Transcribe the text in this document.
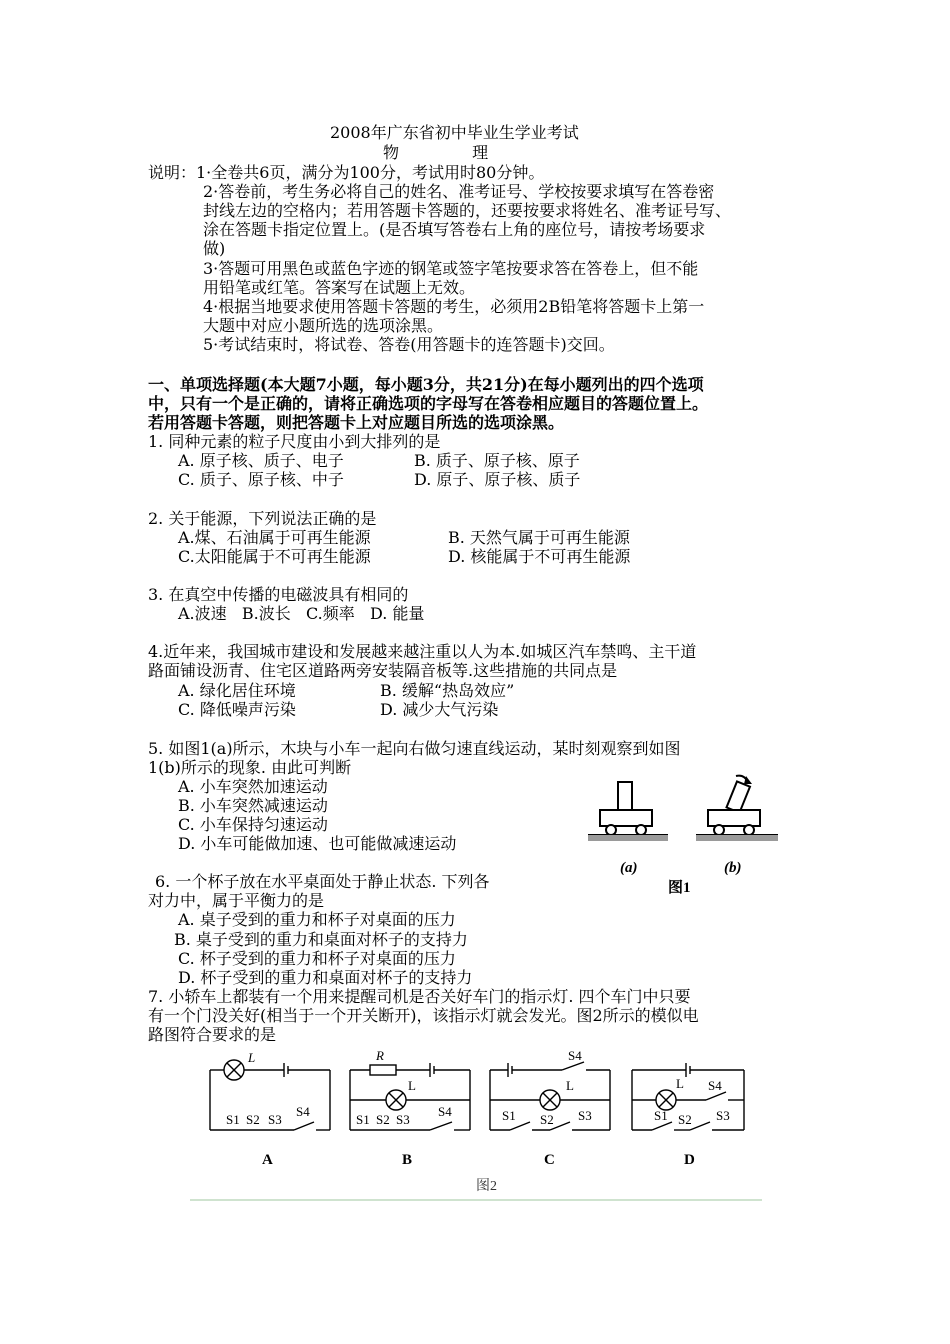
2008年广东省初中毕业生学业考试
物 理
说明：1·全卷共6页，满分为100分，考试用时80分钟。
2·答卷前，考生务必将自己的姓名、准考证号、学校按要求填写在答卷密
封线左边的空格内；若用答题卡答题的，还要按要求将姓名、准考证号写、
涂在答题卡指定位置上。(是否填写答卷右上角的座位号，请按考场要求
做)
3·答题可用黑色或蓝色字迹的钢笔或签字笔按要求答在答卷上，但不能
用铅笔或红笔。答案写在试题上无效。
4·根据当地要求使用答题卡答题的考生，必须用2B铅笔将答题卡上第一
大题中对应小题所选的选项涂黑。
5·考试结束时，将试卷、答卷(用答题卡的连答题卡)交回。
一、单项选择题(本大题7小题，每小题3分，共21分)在每小题列出的四个选项
中，只有一个是正确的，请将正确选项的字母写在答卷相应题目的答题位置上。
若用答题卡答题，则把答题卡上对应题目所选的选项涂黑。
1. 同种元素的粒子尺度由小到大排列的是
A. 原子核、质子、电子	B. 质子、原子核、原子
C. 质子、原子核、中子	D. 原子、原子核、质子
2. 关于能源，下列说法正确的是
A.煤、石油属于可再生能源	B. 天然气属于可再生能源
C.太阳能属于不可再生能源	D. 核能属于不可再生能源
3. 在真空中传播的电磁波具有相同的
A.波速   B.波长   C.频率   D. 能量
4.近年来，我国城市建设和发展越来越注重以人为本.如城区汽车禁鸣、主干道
路面铺设沥青、住宅区道路两旁安装隔音板等.这些措施的共同点是
A. 绿化居住环境	B. 缓解“热岛效应”
C. 降低噪声污染	D. 减少大气污染
5. 如图1(a)所示，木块与小车一起向右做匀速直线运动，某时刻观察到如图
1(b)所示的现象. 由此可判断
A. 小车突然加速运动
B. 小车突然减速运动
C. 小车保持匀速运动
D. 小车可能做加速、也可能做减速运动
(a)	(b)
图1
6. 一个杯子放在水平桌面处于静止状态. 下列各
对力中，属于平衡力的是
A. 桌子受到的重力和杯子对桌面的压力
B. 桌子受到的重力和桌面对杯子的支持力
C. 杯子受到的重力和杯子对桌面的压力
D. 杯子受到的重力和桌面对杯子的支持力
7. 小轿车上都装有一个用来提醒司机是否关好车门的指示灯. 四个车门中只要
有一个门没关好(相当于一个开关断开)，该指示灯就会发光。图2所示的模似电
路图符合要求的是
L
S1 S2 S3
S4
R
L
S1 S2 S3
S4
S4
L
S1 S2 S3
L S4
S1 S2 S3
A	B	C	D
图2
